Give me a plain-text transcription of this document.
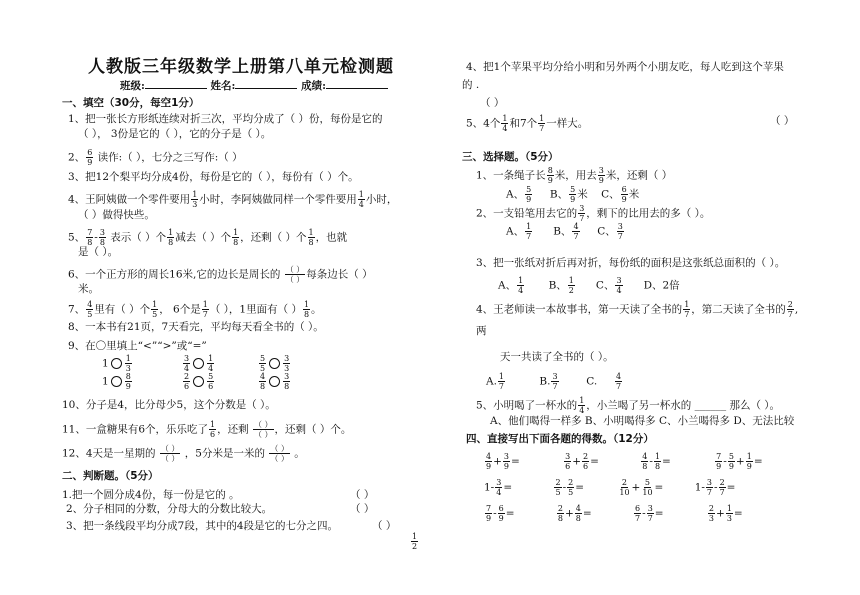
人教版三年级数学上册第八单元检测题
班级:	姓名:	成绩:
一、填空（30分，每空1分）
1、把一张长方形纸连续对折三次，平均分成了（ ）份，每份是它的
（ ）， 3份是它的（ ），它的分子是（ ）。
2、 $\frac{6}{9}$ 读作:（ ），七分之三写作:（ ）
3、把12个梨平均分成4份，每份是它的（ ），每份有（ ）个。
4、王阿姨做一个零件要用 $\frac{1}{3}$ 小时，李阿姨做同样一个零件要用 $\frac{1}{4}$ 小时，
（ ）做得快些。
5、 $\frac{7}{8} - \frac{3}{8}$ 表示（ ）个 $\frac{1}{8}$ 减去（ ）个 $\frac{1}{8}$ ，还剩（ ）个 $\frac{1}{8}$ ，也就
是（ ）。
6、一个正方形的周长16米,它的边长是周长的 $\frac{( )}{( )}$ 每条边长（ ）
米。
7、 $\frac{4}{5}$ 里有（ ）个 $\frac{1}{5}$ ， 6个是 $\frac{1}{7}$ （ ），1里面有（ ） $\frac{1}{8}$ 。
8、一本书有21页，7天看完，平均每天看全书的（ ）。
9、在〇里填上“<”“>”或“=”
$1 \frac{1}{3}$	$\frac{3}{4} \frac{1}{4}$	$\frac{5}{5} \frac{3}{3}$
$1 \frac{8}{9}$	$\frac{2}{6} \frac{5}{6}$	$\frac{4}{8} \frac{3}{8}$
10、分子是4，比分母少5，这个分数是（ ）。
11、一盒糖果有6个，乐乐吃了 $\frac{1}{6}$ ，还剩 $\frac{( )}{( )}$ ，还剩（ ）个。
12、4天是一星期的 $\frac{( )}{( )}$ ，5分米是一米的 $\frac{( )}{( )}$ 。
二、判断题。（5分）
1.把一个圆分成4份，每一份是它的 。	（ ）
2、分子相同的分数，分母大的分数比较大。	（ ）
3、把一条线段平均分成7段，其中的4段是它的七分之四。	（ ）
$\frac{1}{2}$
4、把1个苹果平均分给小明和另外两个小朋友吃，每人吃到这个苹果
的 .
（ ）
5、4个 $\frac{1}{4}$ 和7个 $\frac{1}{7}$ 一样大。	（ ）
三、选择题。（5分）
1、一条绳子长 $\frac{8}{9}$ 米，用去 $\frac{3}{9}$ 米，还剩（ ）
A、 $\frac{5}{9}$ B、 $\frac{5}{9}$ 米 C、 $\frac{6}{9}$ 米
2、一支铅笔用去它的 $\frac{3}{7}$ ，剩下的比用去的多（ ）。
A、 $\frac{1}{7}$ B、 $\frac{4}{7}$ C、 $\frac{3}{7}$
3、把一张纸对折后再对折，每份纸的面积是这张纸总面积的（ ）。
A、 $\frac{1}{4}$ B、 $\frac{1}{2}$ C、 $\frac{3}{4}$ D、2倍
4、王老师读一本故事书，第一天读了全书的 $\frac{1}{7}$ ，第二天读了全书的 $\frac{2}{7}$ ,
两
天一共读了全书的（ ）。
A. $\frac{1}{7}$	B. $\frac{3}{7}$	C. $\frac{4}{7}$
5、小明喝了一杯水的 $\frac{1}{4}$ ，小兰喝了另一杯水的 ______ 那么（ ）。
A、他们喝得一样多 B、小明喝得多 C、小兰喝得多 D、无法比较
四、直接写出下面各题的得数。（12分）
$\frac{4}{9} + \frac{3}{9}$ =	$\frac{3}{6} + \frac{2}{6}$ =	$\frac{4}{8} - \frac{1}{8}$ =	$\frac{7}{9} - \frac{5}{9} + \frac{1}{9}$ =
$1- \frac{3}{4}$ =	$\frac{2}{5} - \frac{2}{5}$ =	$\frac{2}{10} + \frac{5}{10}$ =	$1- \frac{3}{7} - \frac{2}{7}$ =
$\frac{7}{9} - \frac{6}{9}$ =	$\frac{2}{8} + \frac{4}{8}$ =	$\frac{6}{7} - \frac{3}{7}$ =	$\frac{2}{3} + \frac{1}{3}$ =
